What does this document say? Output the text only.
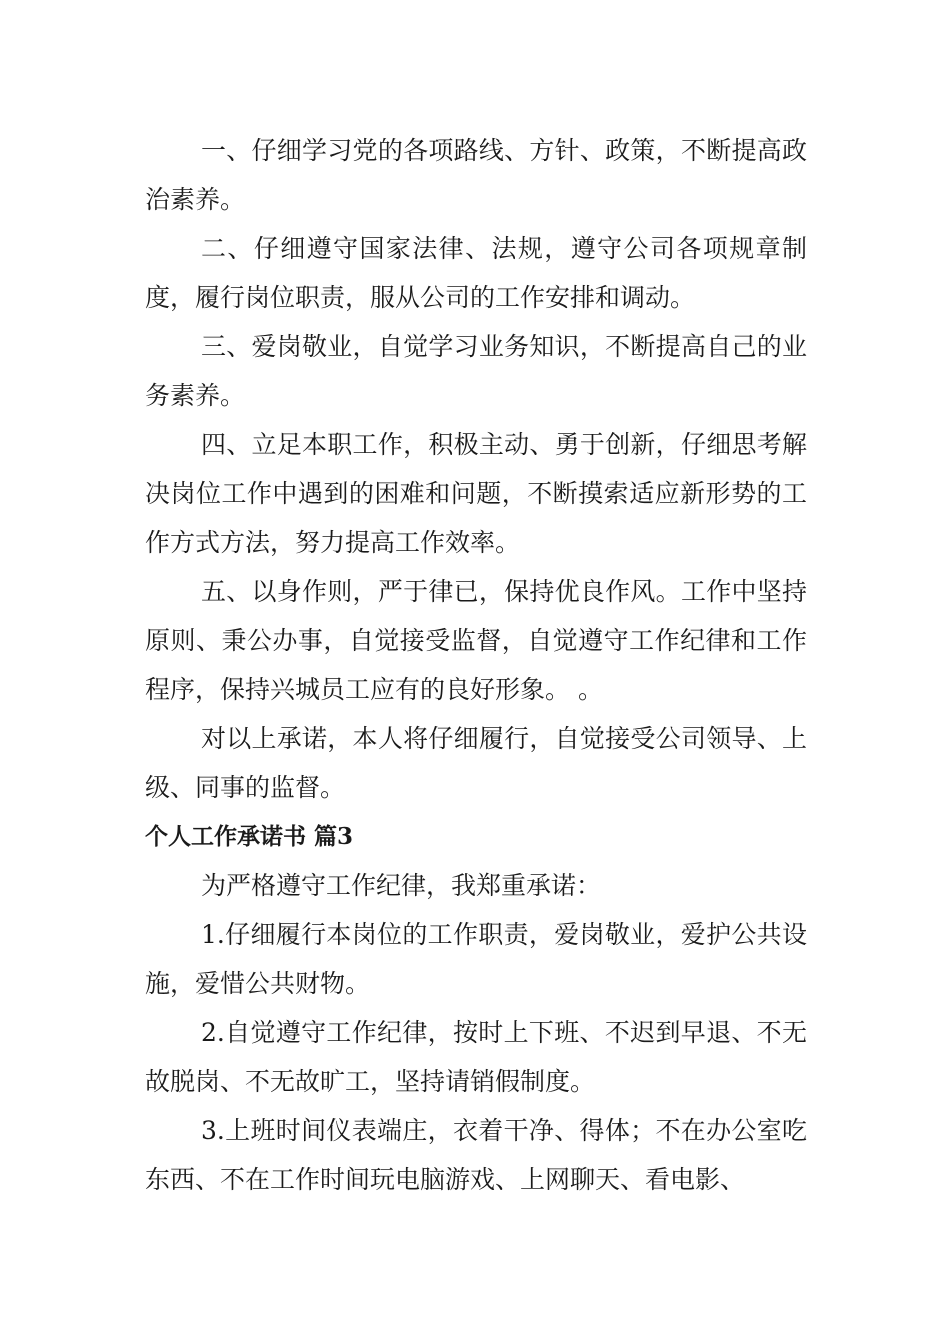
一、仔细学习党的各项路线、方针、政策，不断提高政治素养。

二、仔细遵守国家法律、法规，遵守公司各项规章制度，履行岗位职责，服从公司的工作安排和调动。

三、爱岗敬业，自觉学习业务知识，不断提高自己的业务素养。

四、立足本职工作，积极主动、勇于创新，仔细思考解决岗位工作中遇到的困难和问题，不断摸索适应新形势的工作方式方法，努力提高工作效率。

五、以身作则，严于律已，保持优良作风。工作中坚持原则、秉公办事，自觉接受监督，自觉遵守工作纪律和工作程序，保持兴城员工应有的良好形象。 。

对以上承诺，本人将仔细履行，自觉接受公司领导、上级、同事的监督。

个人工作承诺书 篇3

为严格遵守工作纪律，我郑重承诺：

1.仔细履行本岗位的工作职责，爱岗敬业，爱护公共设施，爱惜公共财物。

2.自觉遵守工作纪律，按时上下班、不迟到早退、不无故脱岗、不无故旷工，坚持请销假制度。

3.上班时间仪表端庄，衣着干净、得体；不在办公室吃东西、不在工作时间玩电脑游戏、上网聊天、看电影、
